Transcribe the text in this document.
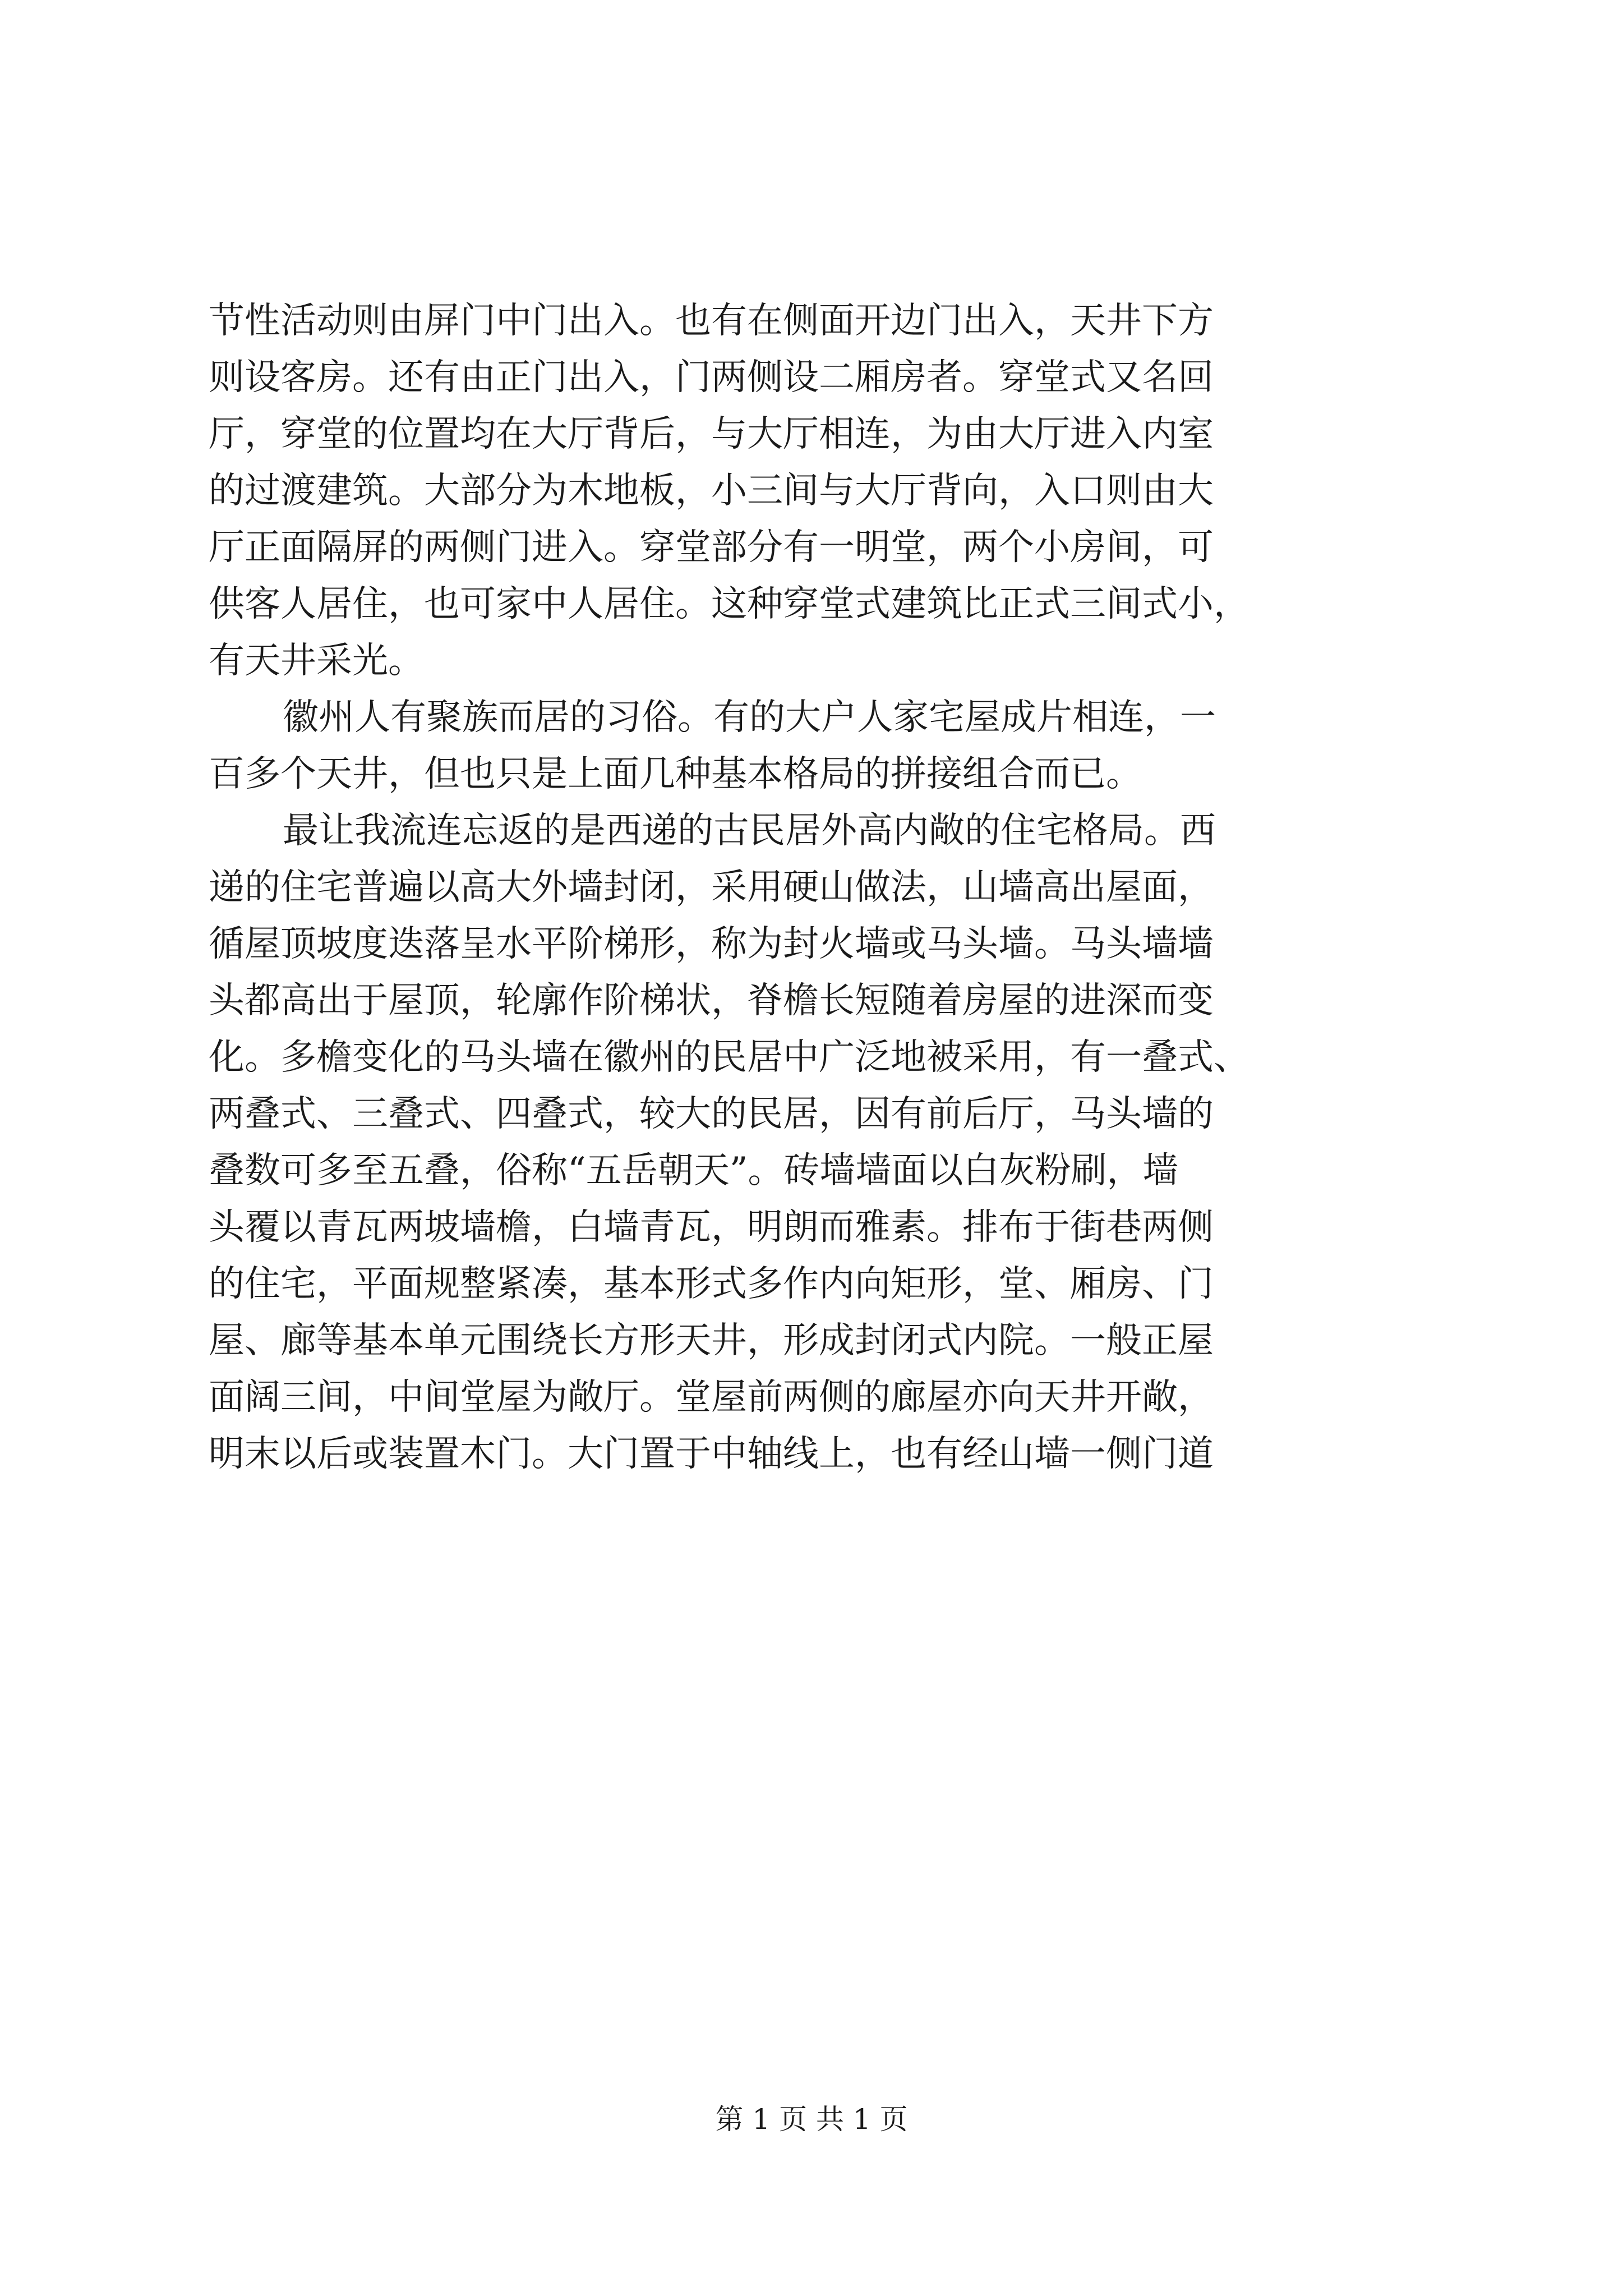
节性活动则由屏门中门出入。也有在侧面开边门出入，天井下方
则设客房。还有由正门出入，门两侧设二厢房者。穿堂式又名回
厅，穿堂的位置均在大厅背后，与大厅相连，为由大厅进入内室
的过渡建筑。大部分为木地板，小三间与大厅背向，入口则由大
厅正面隔屏的两侧门进入。穿堂部分有一明堂，两个小房间，可
供客人居住，也可家中人居住。这种穿堂式建筑比正式三间式小，
有天井采光。
徽州人有聚族而居的习俗。有的大户人家宅屋成片相连，一
百多个天井，但也只是上面几种基本格局的拼接组合而已。
最让我流连忘返的是西递的古民居外高内敞的住宅格局。西
递的住宅普遍以高大外墙封闭，采用硬山做法，山墙高出屋面，
循屋顶坡度迭落呈水平阶梯形，称为封火墙或马头墙。马头墙墙
头都高出于屋顶，轮廓作阶梯状，脊檐长短随着房屋的进深而变
化。多檐变化的马头墙在徽州的民居中广泛地被采用，有一叠式、
两叠式、三叠式、四叠式，较大的民居，因有前后厅，马头墙的
叠数可多至五叠，俗称“五岳朝天”。砖墙墙面以白灰粉刷，墙
头覆以青瓦两坡墙檐，白墙青瓦，明朗而雅素。排布于街巷两侧
的住宅，平面规整紧凑，基本形式多作内向矩形，堂、厢房、门
屋、廊等基本单元围绕长方形天井，形成封闭式内院。一般正屋
面阔三间，中间堂屋为敞厅。堂屋前两侧的廊屋亦向天井开敞，
明末以后或装置木门。大门置于中轴线上，也有经山墙一侧门道
第 1 页 共 1 页
